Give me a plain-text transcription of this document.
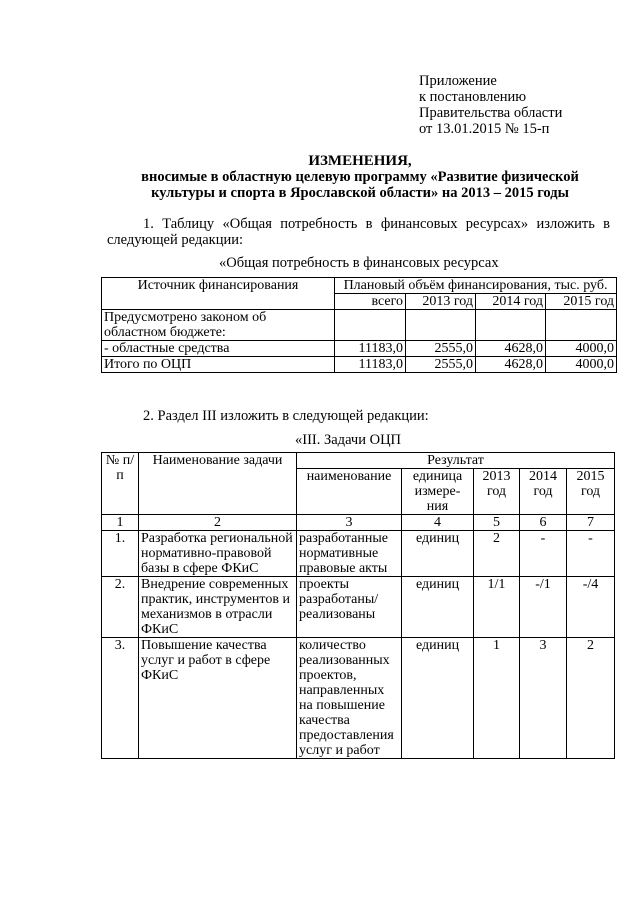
Приложение
к постановлению
Правительства области
от 13.01.2015 № 15-п
ИЗМЕНЕНИЯ,
вносимые в областную целевую программу «Развитие физической
культуры и спорта в Ярославской области» на 2013 – 2015 годы
1. Таблицу «Общая потребность в финансовых ресурсах» изложить в следующей редакции:
«Общая потребность в финансовых ресурсах
Источник финансирования	Плановый объём финансирования, тыс. руб.			
	всего	2013 год	2014 год	2015 год
Предусмотрено законом об областном бюджете:				
- областные средства	11183,0	2555,0	4628,0	4000,0
Итого по ОЦП	11183,0	2555,0	4628,0	4000,0
2. Раздел III изложить в следующей редакции:
«III. Задачи ОЦП
№ п/п	Наименование задачи	Результат				
		наименование	единица измере-ния	2013 год	2014 год	2015 год
1	2	3	4	5	6	7
1.	Разработка региональной нормативно-правовой базы в сфере ФКиС	разработанные нормативные правовые акты	единиц	2	-	-
2.	Внедрение современных практик, инструментов и механизмов в отрасли ФКиС	проекты разработаны/ реализованы	единиц	1/1	-/1	-/4
3.	Повышение качества услуг и работ в сфере ФКиС	количество реализованных проектов, направленных на повышение качества предоставления услуг и работ	единиц	1	3	2
